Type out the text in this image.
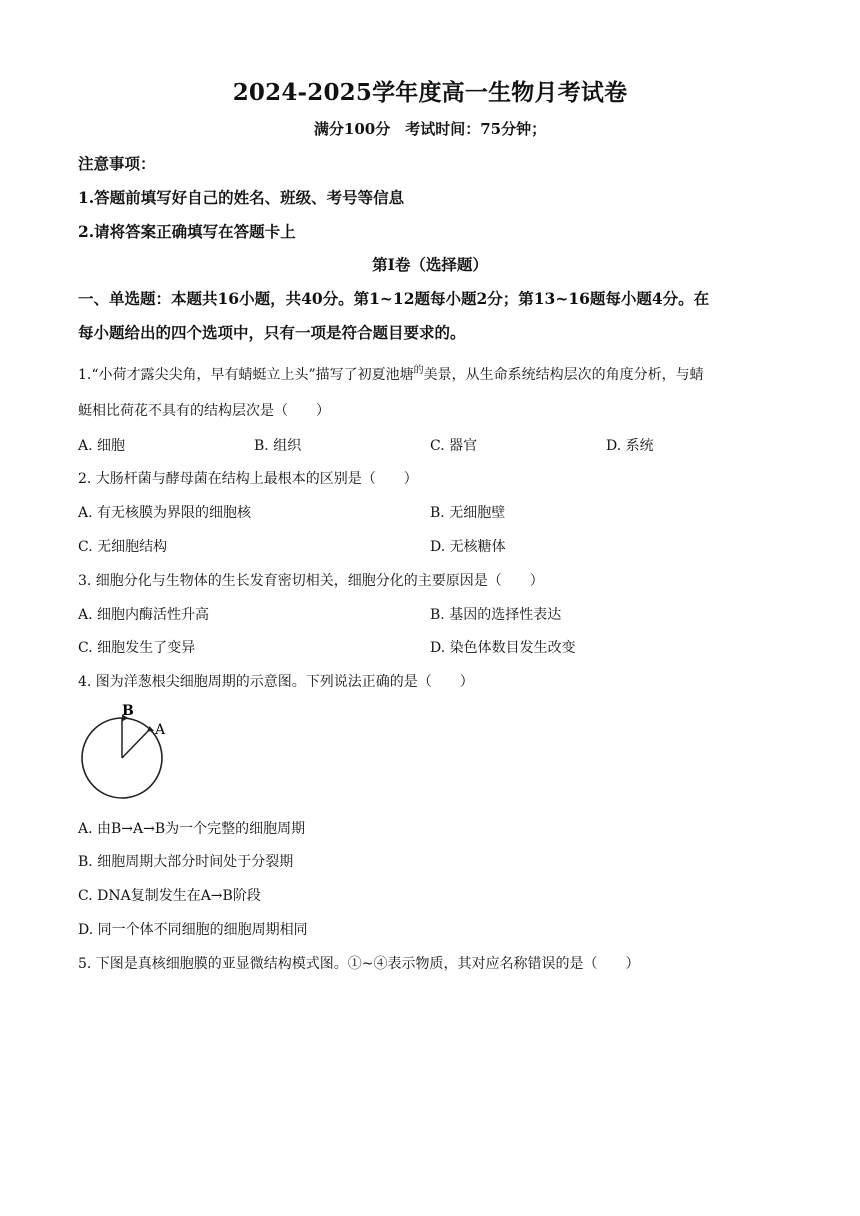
2024-2025学年度高一生物月考试卷
满分100分　考试时间：75分钟；
注意事项：
1.答题前填写好自己的姓名、班级、考号等信息
2.请将答案正确填写在答题卡上
第Ⅰ卷（选择题）
一、单选题：本题共16小题，共40分。第1~12题每小题2分；第13~16题每小题4分。在
每小题给出的四个选项中，只有一项是符合题目要求的。
1.“小荷才露尖尖角，早有蜻蜓立上头”描写了初夏池塘$^的$美景，从生命系统结构层次的角度分析，与蜻
蜓相比荷花不具有的结构层次是（　　）
A. 细胞	B. 组织	C. 器官	D. 系统
2. 大肠杆菌与酵母菌在结构上最根本的区别是（　　）
A. 有无核膜为界限的细胞核	B. 无细胞壁
C. 无细胞结构	D. 无核糖体
3. 细胞分化与生物体的生长发育密切相关，细胞分化的主要原因是（　　）
A. 细胞内酶活性升高	B. 基因的选择性表达
C. 细胞发生了变异	D. 染色体数目发生改变
4. 图为洋葱根尖细胞周期的示意图。下列说法正确的是（　　）
B
A
A. 由B→A→B为一个完整的细胞周期
B. 细胞周期大部分时间处于分裂期
C. DNA复制发生在A→B阶段
D. 同一个体不同细胞的细胞周期相同
5. 下图是真核细胞膜的亚显微结构模式图。①~④表示物质，其对应名称错误的是（　　）
